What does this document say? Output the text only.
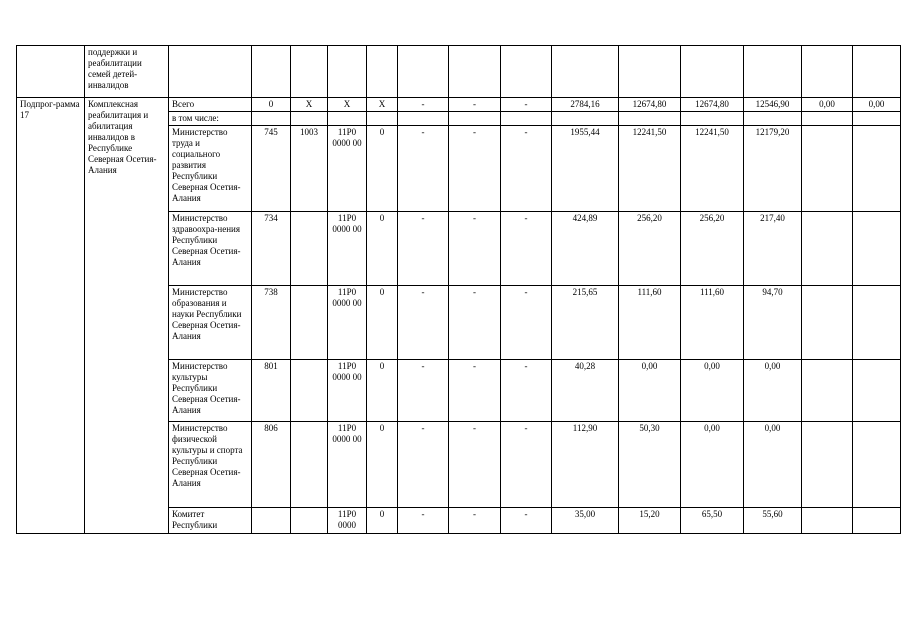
	поддержки и реабилитации семей детей-инвалидов														
Подпрог-рамма 17	Комплексная реабилитация и абилитация инвалидов в Республике Северная Осетия-Алания	Всего	0	Х	Х	Х	-	-	-	2784,16	12674,80	12674,80	12546,90	0,00	0,00
		в том числе:													
		Министерство труда и социального развития Республики Северная Осетия-Алания	745	1003	11Р0 0000 00	0	-	-	-	1955,44	12241,50	12241,50	12179,20		
		Министерство здравоохра-нения Республики Северная Осетия-Алания	734		11Р0 0000 00	0	-	-	-	424,89	256,20	256,20	217,40		
		Министерство образования и науки Республики Северная Осетия-Алания	738		11Р0 0000 00	0	-	-	-	215,65	111,60	111,60	94,70		
		Министерство культуры Республики Северная Осетия-Алания	801		11Р0 0000 00	0	-	-	-	40,28	0,00	0,00	0,00		
		Министерство физической культуры и спорта Республики Северная Осетия-Алания	806		11Р0 0000 00	0	-	-	-	112,90	50,30	0,00	0,00		
		Комитет Республики			11Р0 0000	0	-	-	-	35,00	15,20	65,50	55,60		
